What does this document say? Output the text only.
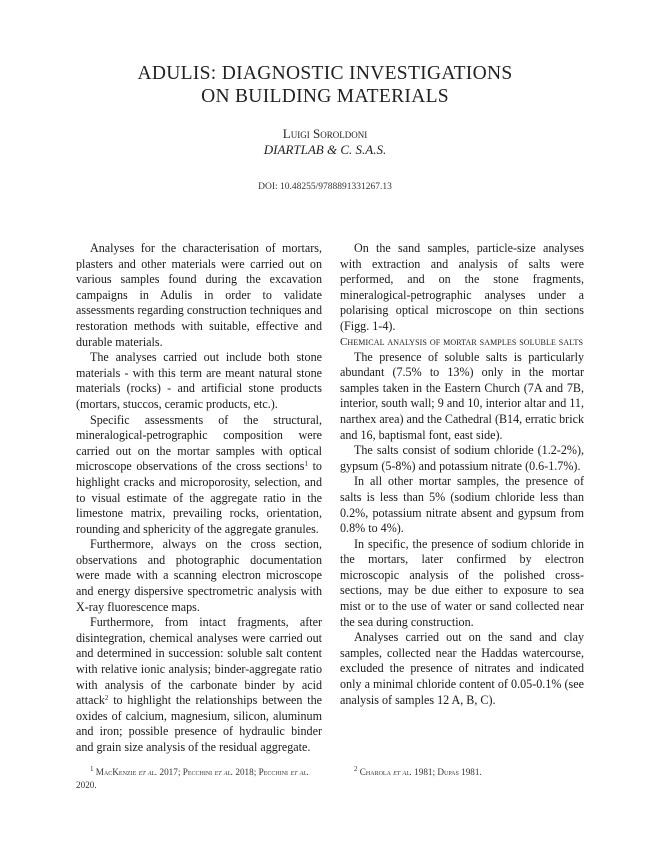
ADULIS: DIAGNOSTIC INVESTIGATIONS
ON BUILDING MATERIALS
Luigi Soroldoni
DIARTLAB & C. S.A.S.
DOI: 10.48255/9788891331267.13

Analyses for the characterisation of mortars, plasters and other materials were carried out on various samples found during the excavation campaigns in Adulis in order to validate assessments regarding construction techniques and restoration methods with suitable, effective and durable materials.

The analyses carried out include both stone materials - with this term are meant natural stone materials (rocks) - and artificial stone products (mortars, stuccos, ceramic products, etc.).

Specific assessments of the structural, mineralogical-petrographic composition were carried out on the mortar samples with optical microscope observations of the cross sections$^1$ to highlight cracks and microporosity, selection, and to visual estimate of the aggregate ratio in the limestone matrix, prevailing rocks, orientation, rounding and sphericity of the aggregate granules.

Furthermore, always on the cross section, observations and photographic documentation were made with a scanning electron microscope and energy dispersive spectrometric analysis with X-ray fluorescence maps.

Furthermore, from intact fragments, after disintegration, chemical analyses were carried out and determined in succession: soluble salt content with relative ionic analysis; binder-aggregate ratio with analysis of the carbonate binder by acid attack$^2$ to highlight the relationships between the oxides of calcium, magnesium, silicon, aluminum and iron; possible presence of hydraulic binder and grain size analysis of the residual aggregate.

On the sand samples, particle-size analyses with extraction and analysis of salts were performed, and on the stone fragments, mineralogical-petrographic analyses under a polarising optical microscope on thin sections (Figg. 1-4).

Chemical analysis of mortar samples soluble salts

The presence of soluble salts is particularly abundant (7.5% to 13%) only in the mortar samples taken in the Eastern Church (7A and 7B, interior, south wall; 9 and 10, interior altar and 11, narthex area) and the Cathedral (B14, erratic brick and 16, baptismal font, east side).

The salts consist of sodium chloride (1.2-2%), gypsum (5-8%) and potassium nitrate (0.6-1.7%).

In all other mortar samples, the presence of salts is less than 5% (sodium chloride less than 0.2%, potassium nitrate absent and gypsum from 0.8% to 4%).

In specific, the presence of sodium chloride in the mortars, later confirmed by electron microscopic analysis of the polished cross-sections, may be due either to exposure to sea mist or to the use of water or sand collected near the sea during construction.

Analyses carried out on the sand and clay samples, collected near the Haddas watercourse, excluded the presence of nitrates and indicated only a minimal chloride content of 0.05-0.1% (see analysis of samples 12 A, B, C).

$^1$ MacKenzie et al. 2017; Pecchini et al. 2018; Pecchini et al. 2020.
$^2$ Charola et al. 1981; Dupas 1981.
